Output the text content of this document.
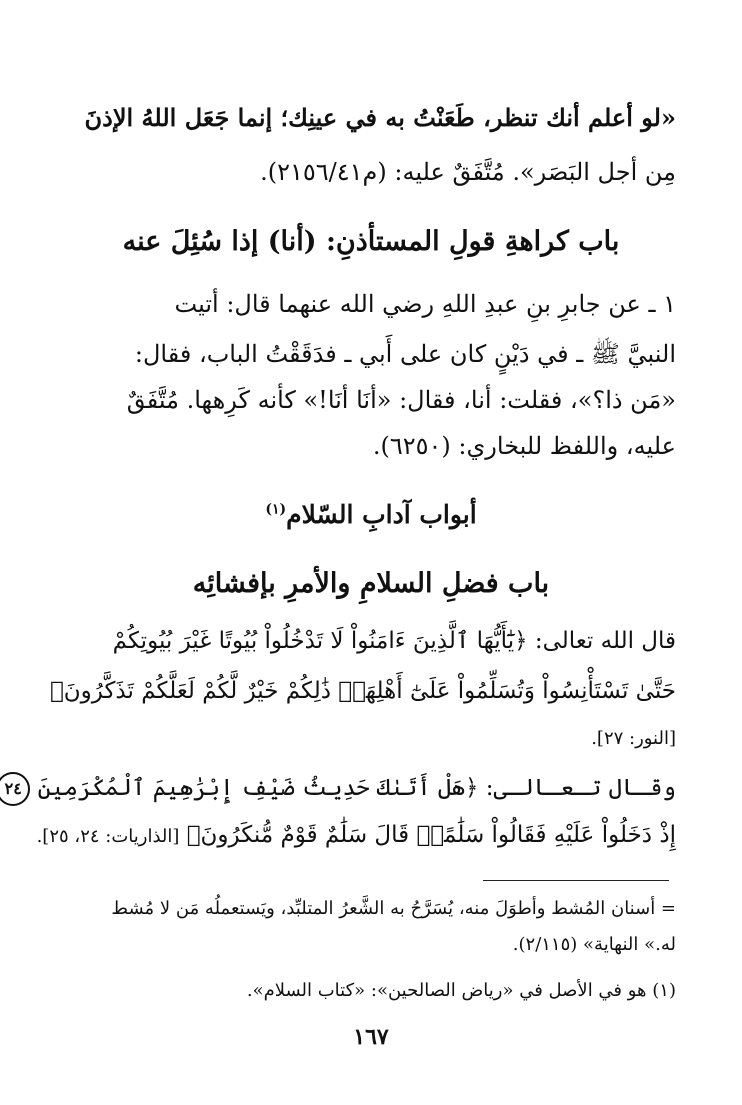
«لو أعلم أنك تنظر، طَعَنْتُ به في عينِك؛ إنما جَعَل اللهُ الإذنَ
مِن أجل البَصَر». مُتَّفَقٌ عليه: (م٢١٥٦/٤١).
باب كراهةِ قولِ المستأذنِ: (أنا) إذا سُئِلَ عنه
١ ـ عن جابرِ بنِ عبدِ اللهِ رضي الله عنهما قال: أتيت
النبيَّ ﷺ ـ في دَيْنٍ كان على أَبي ـ فدَقَقْتُ الباب، فقال:
«مَن ذا؟»، فقلت: أنا، فقال: «أنَا أنَا!» كأنه كَرِهها. مُتَّفَقٌ
عليه، واللفظ للبخاري: (٦٢٥٠).
أبواب آدابِ السّلام$^{(١)}$
باب فضلِ السلامِ والأمرِ بإفشائِه
قال الله تعالى: ﴿يَٰٓأَيُّهَا ٱلَّذِينَ ءَامَنُواْ لَا تَدْخُلُواْ بُيُوتًا غَيْرَ بُيُوتِكُمْ
حَتَّىٰ تَسْتَأْنِسُواْ وَتُسَلِّمُواْ عَلَىٰٓ أَهْلِهَاۚ ذَٰلِكُمْ خَيْرٌ لَّكُمْ لَعَلَّكُمْ تَذَكَّرُونَ﴾
[النور: ٢٧].
وقـال تـعـالـى: ﴿هَلْ أَتَىٰكَ حَدِيثُ ضَيْفِ إِبْرَٰهِيمَ ٱلْمُكْرَمِينَ ٢٤
إِذْ دَخَلُواْ عَلَيْهِ فَقَالُواْ سَلَٰمًاۖ قَالَ سَلَٰمٌ قَوْمٌ مُّنكَرُونَ﴾ [الذاريات: ٢٤، ٢٥].
= أسنان المُشط وأطوَلَ منه، يُسَرَّحُ به الشَّعرُ المتلبِّد، ويَستعملُه مَن لا مُشط
له.» النهاية» (٢/١١٥).
(١) هو في الأصل في «رياض الصالحين»: «كتاب السلام».
١٦٧
